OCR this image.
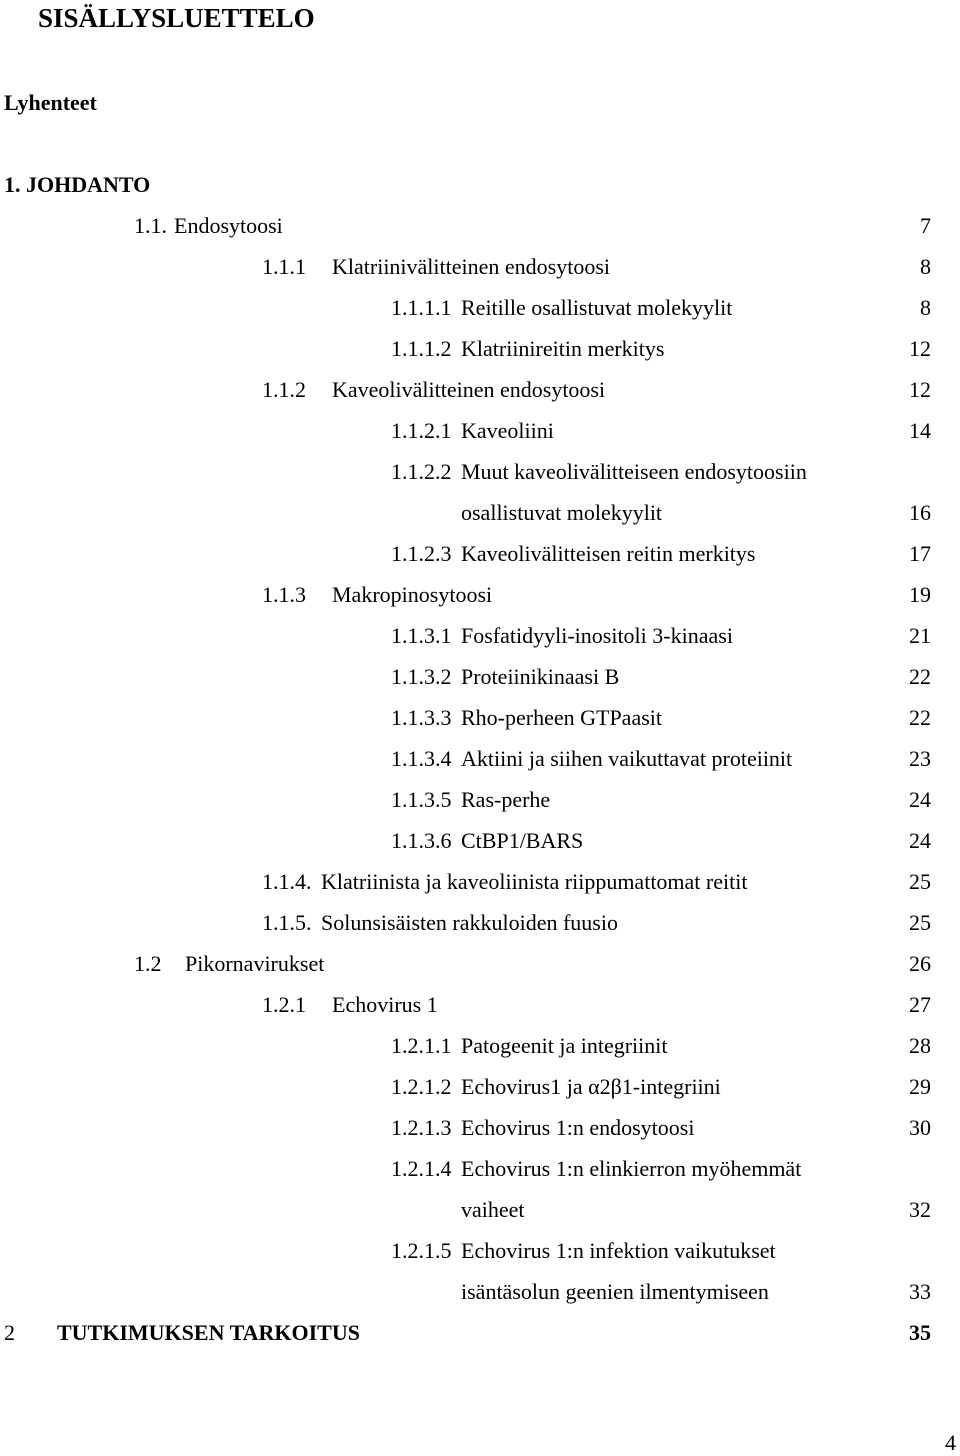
SISÄLLYSLUETTELO
Lyhenteet
1. JOHDANTO
1.1. Endosytoosi	7
1.1.1 Klatriinivälitteinen endosytoosi	8
1.1.1.1 Reitille osallistuvat molekyylit	8
1.1.1.2 Klatriinireitin merkitys	12
1.1.2 Kaveolivälitteinen endosytoosi	12
1.1.2.1 Kaveoliini	14
1.1.2.2 Muut kaveolivälitteiseen endosytoosiin
osallistuvat molekyylit	16
1.1.2.3 Kaveolivälitteisen reitin merkitys	17
1.1.3 Makropinosytoosi	19
1.1.3.1 Fosfatidyyli-inositoli 3-kinaasi	21
1.1.3.2 Proteiinikinaasi B	22
1.1.3.3 Rho-perheen GTPaasit	22
1.1.3.4 Aktiini ja siihen vaikuttavat proteiinit	23
1.1.3.5 Ras-perhe	24
1.1.3.6 CtBP1/BARS	24
1.1.4. Klatriinista ja kaveoliinista riippumattomat reitit	25
1.1.5. Solunsisäisten rakkuloiden fuusio	25
1.2 Pikornavirukset	26
1.2.1 Echovirus 1	27
1.2.1.1 Patogeenit ja integriinit	28
1.2.1.2 Echovirus1 ja α2β1-integriini	29
1.2.1.3 Echovirus 1:n endosytoosi	30
1.2.1.4 Echovirus 1:n elinkierron myöhemmät
vaiheet	32
1.2.1.5 Echovirus 1:n infektion vaikutukset
isäntäsolun geenien ilmentymiseen	33
2 TUTKIMUKSEN TARKOITUS	35
4
